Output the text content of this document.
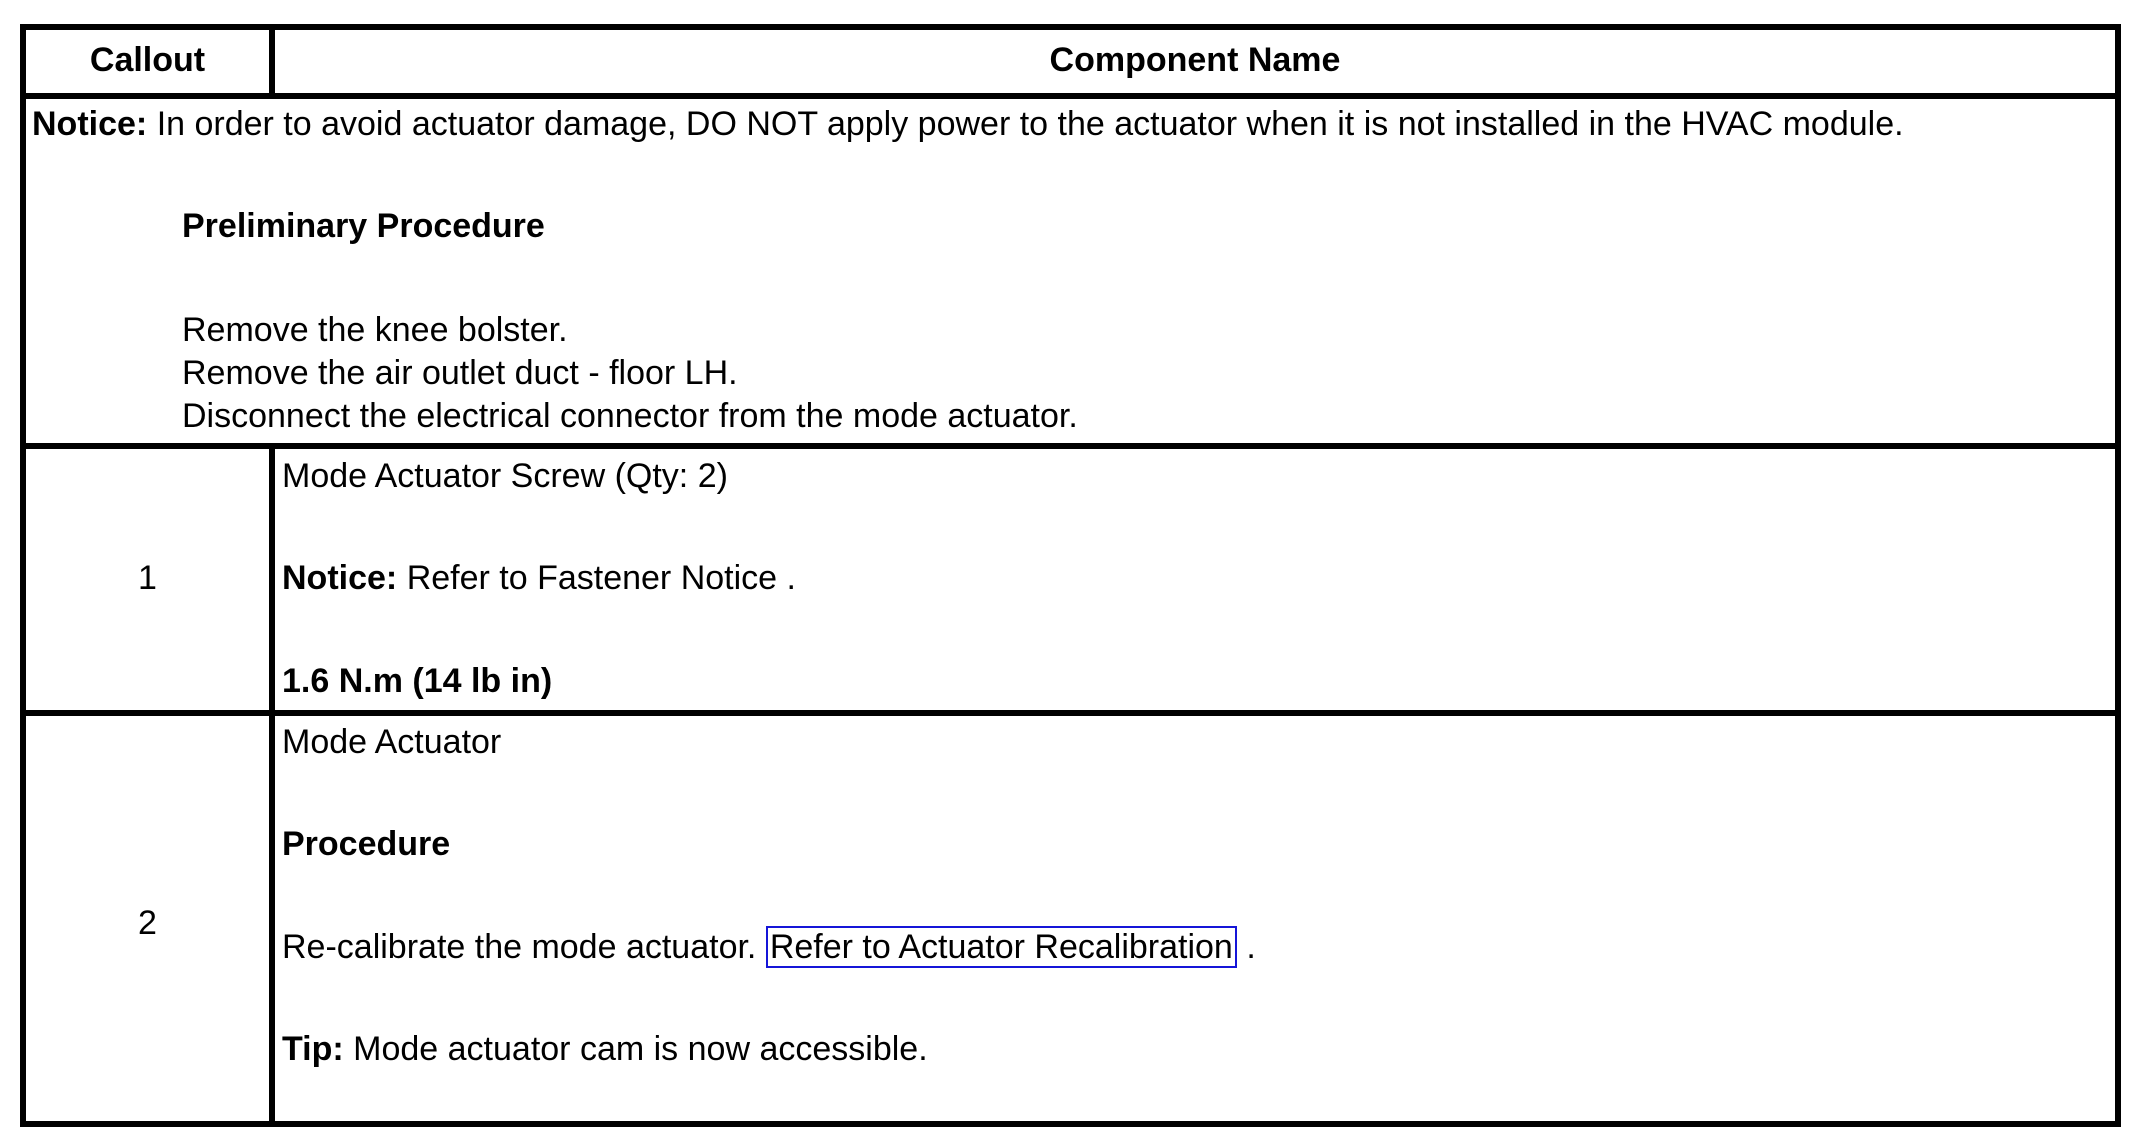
Callout	Component Name
Notice: In order to avoid actuator damage, DO NOT apply power to the actuator when it is not installed in the HVAC module.
Preliminary Procedure
Remove the knee bolster.
Remove the air outlet duct - floor LH.
Disconnect the electrical connector from the mode actuator.
1
Mode Actuator Screw (Qty: 2)
Notice: Refer to Fastener Notice .
1.6 N.m (14 lb in)
2
Mode Actuator
Procedure
Re-calibrate the mode actuator. Refer to Actuator Recalibration .
Tip: Mode actuator cam is now accessible.
